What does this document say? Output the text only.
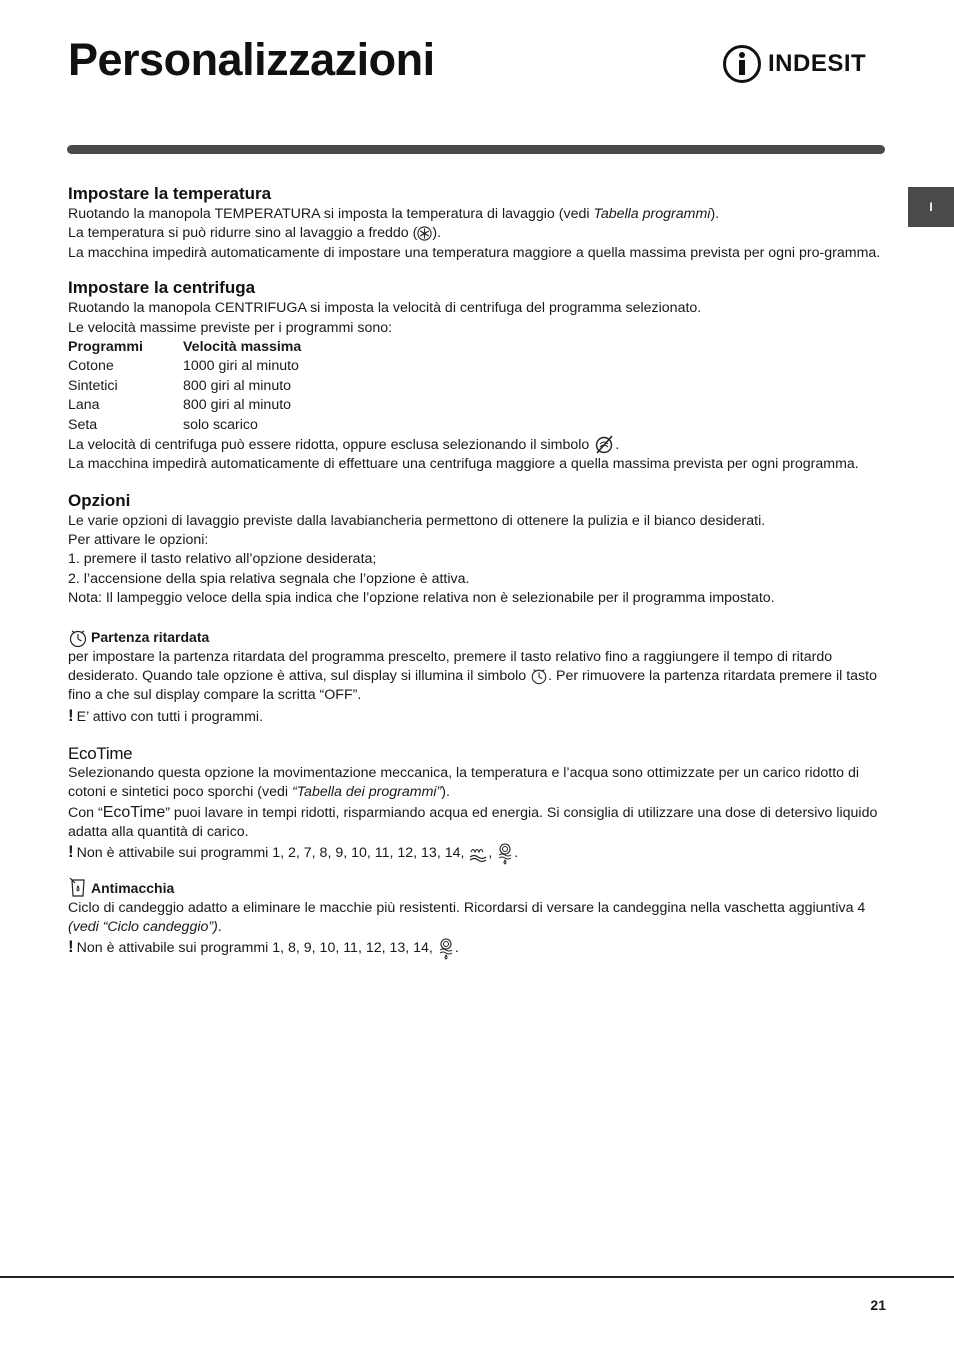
Personalizzazioni	INDESIT
I
Impostare la temperatura

Ruotando la manopola TEMPERATURA si imposta la temperatura di lavaggio (vedi Tabella programmi).

La temperatura si può ridurre sino al lavaggio a freddo ( ).

La macchina impedirà automaticamente di impostare una temperatura maggiore a quella massima prevista per ogni pro-gramma.

Impostare la centrifuga

Ruotando la manopola CENTRIFUGA si imposta la velocità di centrifuga del programma selezionato.

Le velocità massime previste per i programmi sono:

Programmi	Velocità massima
Cotone	1000 giri al minuto
Sintetici	800 giri al minuto
Lana	800 giri al minuto
Seta	solo scarico

La velocità di centrifuga può essere ridotta, oppure esclusa selezionando il simbolo .

La macchina impedirà automaticamente di effettuare una centrifuga maggiore a quella massima prevista per ogni programma.

Opzioni

Le varie opzioni di lavaggio previste dalla lavabiancheria permettono di ottenere la pulizia e il bianco desiderati.

Per attivare le opzioni:

1. premere il tasto relativo all’opzione desiderata;

2. l’accensione della spia relativa segnala che l’opzione è attiva.

Nota: Il lampeggio veloce della spia indica che l’opzione relativa non è selezionabile per il programma impostato.

Partenza ritardata

per impostare la partenza ritardata del programma prescelto, premere il tasto relativo fino a raggiungere il tempo di ritardo desiderato. Quando tale opzione è attiva, sul display si illumina il simbolo . Per rimuovere la partenza ritardata premere il tasto fino a che sul display compare la scritta “OFF”.

! E’ attivo con tutti i programmi.

EcoTime

Selezionando questa opzione la movimentazione meccanica, la temperatura e l’acqua sono ottimizzate per un carico ridotto di cotoni e sintetici poco sporchi (vedi “Tabella dei programmi”).

Con “EcoTime” puoi lavare in tempi ridotti, risparmiando acqua ed energia. Si consiglia di utilizzare una dose di detersivo liquido adatta alla quantità di carico.

! Non è attivabile sui programmi 1, 2, 7, 8, 9, 10, 11, 12, 13, 14, , .

Antimacchia

Ciclo di candeggio adatto a eliminare le macchie più resistenti. Ricordarsi di versare la candeggina nella vaschetta aggiuntiva 4 (vedi “Ciclo candeggio”).

! Non è attivabile sui programmi 1, 8, 9, 10, 11, 12, 13, 14, .

21
